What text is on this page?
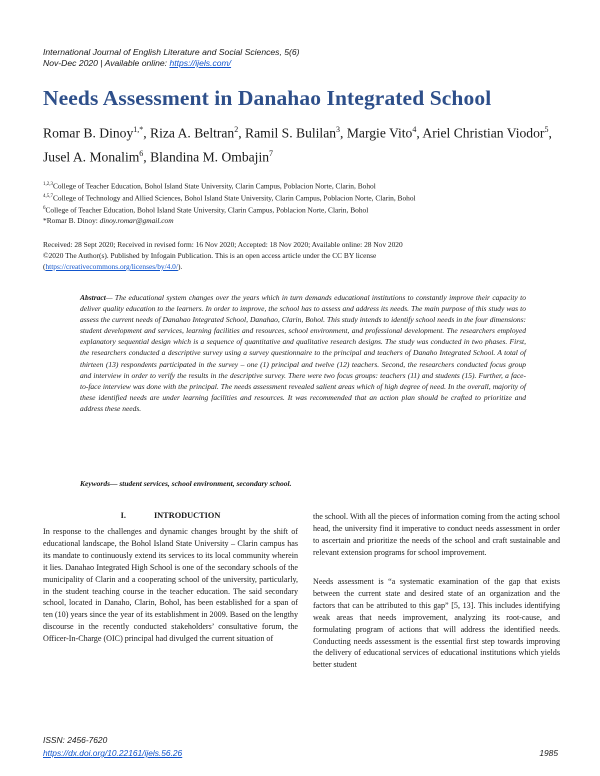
International Journal of English Literature and Social Sciences, 5(6)
Nov-Dec 2020 | Available online: https://ijels.com/
Needs Assessment in Danahao Integrated School
Romar B. Dinoy$^{1,*}$, Riza A. Beltran$^2$, Ramil S. Bulilan$^3$, Margie Vito$^4$, Ariel Christian Viodor$^5$, Jusel A. Monalim$^6$, Blandina M. Ombajin$^7$
$^{1,2,3}$College of Teacher Education, Bohol Island State University, Clarin Campus, Poblacion Norte, Clarin, Bohol
$^{4,5,7}$College of Technology and Allied Sciences, Bohol Island State University, Clarin Campus, Poblacion Norte, Clarin, Bohol
$^6$College of Teacher Education, Bohol Island State University, Clarin Campus, Poblacion Norte, Clarin, Bohol
*Romar B. Dinoy: dinoy.romar@gmail.com
Received: 28 Sept 2020; Received in revised form: 16 Nov 2020; Accepted: 18 Nov 2020; Available online: 28 Nov 2020
©2020 The Author(s). Published by Infogain Publication. This is an open access article under the CC BY license
(https://creativecommons.org/licenses/by/4.0/).
Abstract— The educational system changes over the years which in turn demands educational institutions to constantly improve their capacity to deliver quality education to the learners. In order to improve, the school has to assess and address its needs. The main purpose of this study was to assess the current needs of Danahao Integrated School, Danahao, Clarin, Bohol. This study intends to identify school needs in the four dimensions: student development and services, learning facilities and resources, school environment, and professional development. The researchers employed explanatory sequential design which is a sequence of quantitative and qualitative research designs. The study was conducted in two phases. First, the researchers conducted a descriptive survey using a survey questionnaire to the principal and teachers of Danaho Integrated School. A total of thirteen (13) respondents participated in the survey – one (1) principal and twelve (12) teachers. Second, the researchers conducted focus group and interview in order to verify the results in the descriptive survey. There were two focus groups: teachers (11) and students (15). Further, a face-to-face interview was done with the principal. The needs assessment revealed salient areas which of high degree of need. In the overall, majority of these identified needs are under learning facilities and resources. It was recommended that an action plan should be crafted to prioritize and address these needs.
Keywords— student services, school environment, secondary school.
I.	INTRODUCTION
In response to the challenges and dynamic changes brought by the shift of educational landscape, the Bohol Island State University – Clarin campus has its mandate to continuously extend its services to its local community wherein it lies. Danahao Integrated High School is one of the secondary schools of the municipality of Clarin and a cooperating school of the university, particularly, in the student teaching course in the teacher education. The said secondary school, located in Danaho, Clarin, Bohol, has been established for a span of ten (10) years since the year of its establishment in 2009. Based on the lengthy discourse in the recently conducted stakeholders’ consultative forum, the Officer-In-Charge (OIC) principal had divulged the current situation of
the school. With all the pieces of information coming from the acting school head, the university find it imperative to conduct needs assessment in order to ascertain and prioritize the needs of the school and craft sustainable and relevant extension programs for school improvement.
Needs assessment is “a systematic examination of the gap that exists between the current state and desired state of an organization and the factors that can be attributed to this gap” [5, 13]. This includes identifying weak areas that needs improvement, analyzing its root-cause, and formulating program of actions that will address the identified needs. Conducting needs assessment is the essential first step towards improving the delivery of educational services of educational institutions which yields better student
ISSN: 2456-7620
https://dx.doi.org/10.22161/ijels.56.26	1985
